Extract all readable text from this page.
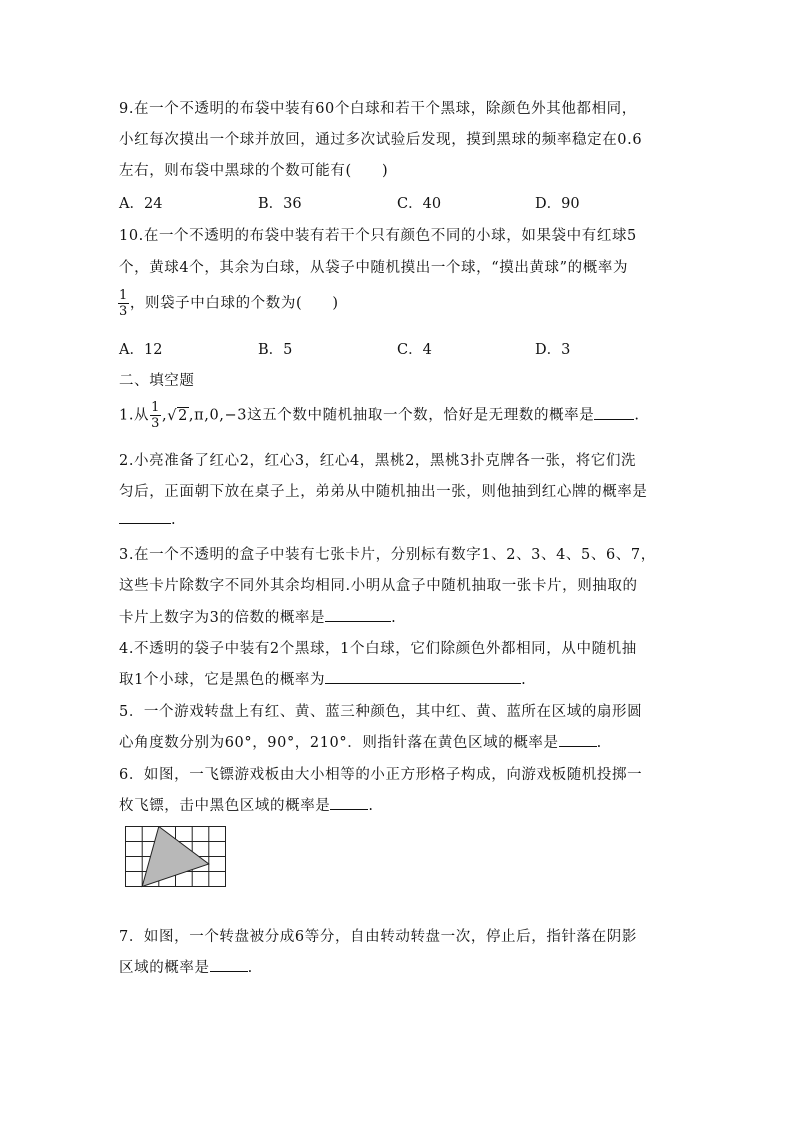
9.在一个不透明的布袋中装有60个白球和若干个黑球，除颜色外其他都相同，
小红每次摸出一个球并放回，通过多次试验后发现，摸到黑球的频率稳定在0.6
左右，则布袋中黑球的个数可能有(　　)
A．24	B．36	C．40	D．90
10.在一个不透明的布袋中装有若干个只有颜色不同的小球，如果袋中有红球5
个，黄球4个，其余为白球，从袋子中随机摸出一个球，“摸出黄球”的概率为
$\frac{1}{3}$ ，则袋子中白球的个数为(　　)
A．12	B．5	C．4	D．3
二、填空题
1.从 $\frac{1}{3} ,√2,\pi,0,-3$这五个数中随机抽取一个数，恰好是无理数的概率是	.
2.小亮准备了红心2，红心3，红心4，黑桃2，黑桃3扑克牌各一张，将它们洗
匀后，正面朝下放在桌子上，弟弟从中随机抽出一张，则他抽到红心牌的概率是
.
3.在一个不透明的盒子中装有七张卡片，分别标有数字1、2、3、4、5、6、7，
这些卡片除数字不同外其余均相同.小明从盒子中随机抽取一张卡片，则抽取的
卡片上数字为3的倍数的概率是	.
4.不透明的袋子中装有2个黑球，1个白球，它们除颜色外都相同，从中随机抽
取1个小球，它是黑色的概率为	.
5．一个游戏转盘上有红、黄、蓝三种颜色，其中红、黄、蓝所在区域的扇形圆
心角度数分别为60°，90°，210°．则指针落在黄色区域的概率是	.
6．如图，一飞镖游戏板由大小相等的小正方形格子构成，向游戏板随机投掷一
枚飞镖，击中黑色区域的概率是	.
7．如图，一个转盘被分成6等分，自由转动转盘一次，停止后，指针落在阴影
区域的概率是	.
